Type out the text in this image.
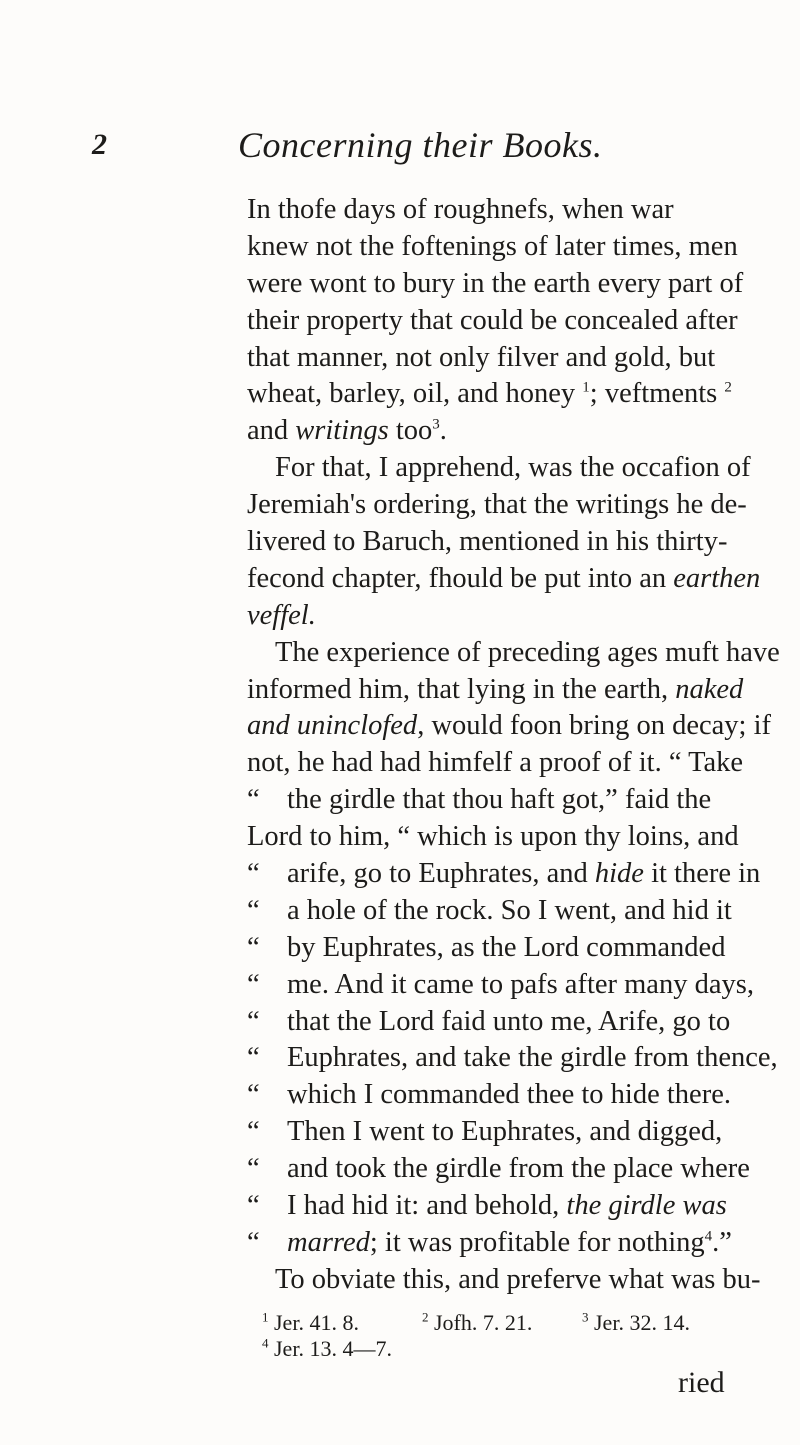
2	Concerning their Books.
In thofe days of roughnefs, when war
knew not the foftenings of later times, men
were wont to bury in the earth every part of
their property that could be concealed after
that manner, not only filver and gold, but
wheat, barley, oil, and honey $^1$; veftments $^2$
and writings too$^3$.
For that, I apprehend, was the occafion of
Jeremiah's ordering, that the writings he de-
livered to Baruch, mentioned in his thirty-
fecond chapter, fhould be put into an earthen
veffel.
The experience of preceding ages muft have
informed him, that lying in the earth, naked
and uninclofed, would foon bring on decay; if
not, he had had himfelf a proof of it. “ Take
“ the girdle that thou haft got,” faid the
Lord to him, “ which is upon thy loins, and
“ arife, go to Euphrates, and hide it there in
“ a hole of the rock. So I went, and hid it
“ by Euphrates, as the Lord commanded
“ me. And it came to pafs after many days,
“ that the Lord faid unto me, Arife, go to
“ Euphrates, and take the girdle from thence,
“ which I commanded thee to hide there.
“ Then I went to Euphrates, and digged,
“ and took the girdle from the place where
“ I had hid it: and behold, the girdle was
“ marred; it was profitable for nothing$^4$.”
To obviate this, and preferve what was bu-
$^1$ Jer. 41. 8.	$^2$ Jofh. 7. 21.	$^3$ Jer. 32. 14.
$^4$ Jer. 13. 4—7.
ried
